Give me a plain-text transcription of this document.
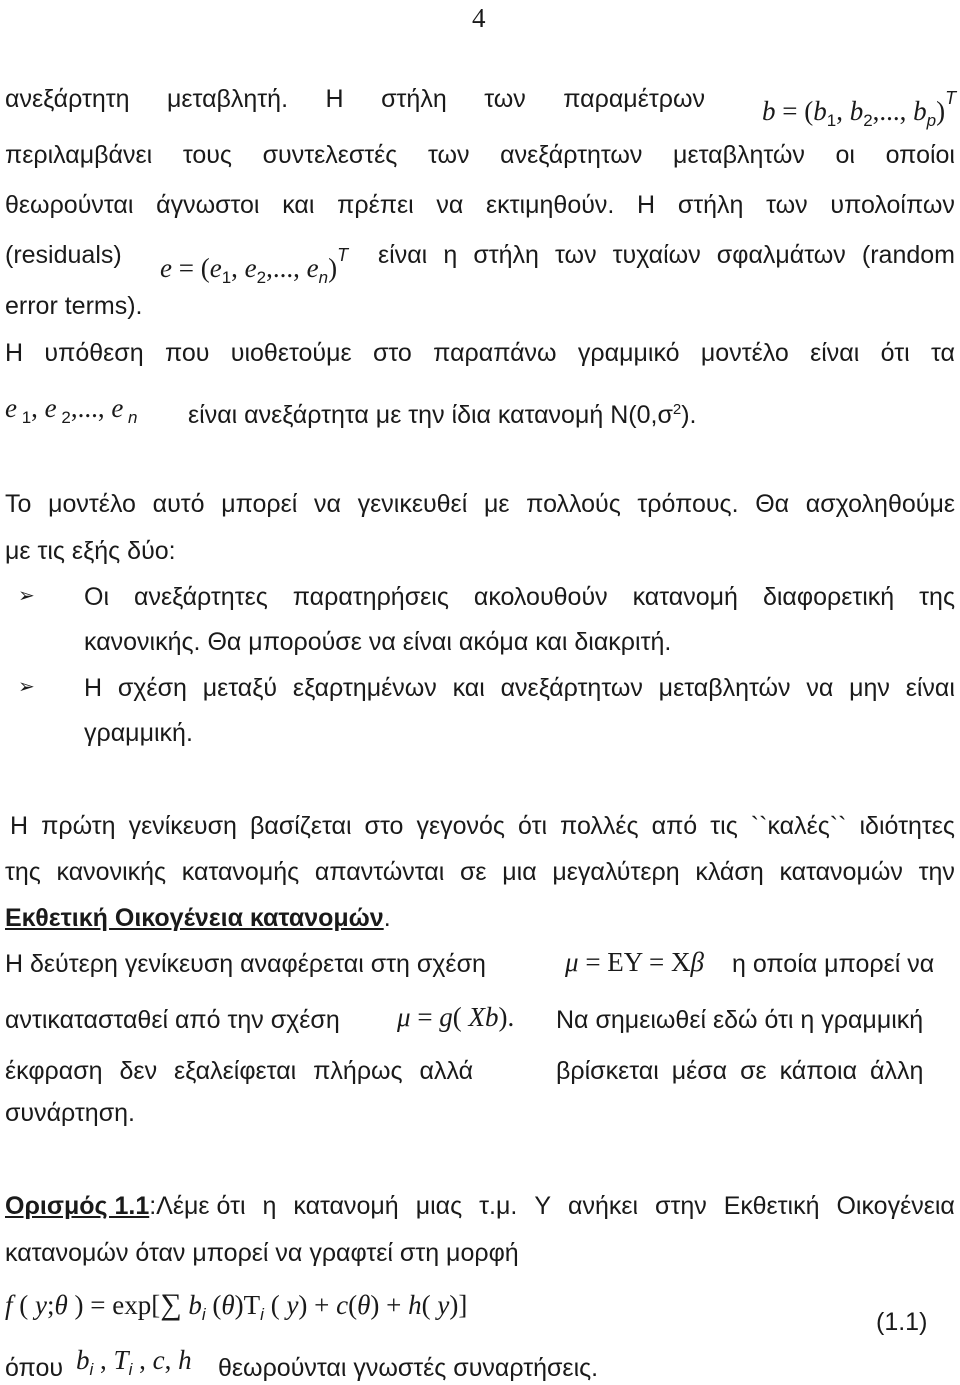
4
ανεξάρτητη μεταβλητή. Η στήλη των παραμέτρων $b = (b_1$, $b_2$,..., $b_p)^T$
περιλαμβάνει τους συντελεστές των ανεξάρτητων μεταβλητών οι οποίοι
θεωρούνται άγνωστοι και πρέπει να εκτιμηθούν. Η στήλη των υπολοίπων
(residuals) $e = (e_1$, $e_2$,..., $e_n)^T$ είναι η στήλη των τυχαίων σφαλμάτων (random
error terms).
Η υπόθεση που υιοθετούμε στο παραπάνω γραμμικό μοντέλο είναι ότι τα
e $_1$, e $_2$,..., e $_n$ είναι ανεξάρτητα με την ίδια κατανομή $N(0,\sigma^2)$.
Το μοντέλο αυτό μπορεί να γενικευθεί με πολλούς τρόπους. Θα ασχοληθούμε
με τις εξής δύο:
➢ Οι ανεξάρτητες παρατηρήσεις ακολουθούν κατανομή διαφορετική της
κανονικής. Θα μπορούσε να είναι ακόμα και διακριτή.
➢ Η σχέση μεταξύ εξαρτημένων και ανεξάρτητων μεταβλητών να μην είναι
γραμμική.
Η πρώτη γενίκευση βασίζεται στο γεγονός ότι πολλές από τις ``καλές`` ιδιότητες
της κανονικής κατανομής απαντώνται σε μια μεγαλύτερη κλάση κατανομών την
Εκθετική Οικογένεια κατανομών.
Η δεύτερη γενίκευση αναφέρεται στη σχέση	μ = EY = Xβ η οποία μπορεί να
αντικατασταθεί από την σχέση μ = g( Xb). Να σημειωθεί εδώ ότι η γραμμική
έκφραση δεν εξαλείφεται πλήρως αλλά	βρίσκεται μέσα σε κάποια άλλη
συνάρτηση.
Ορισμός 1.1:Λέμε ότι η κατανομή μιας τ.μ. Υ ανήκει στην Εκθετική Οικογένεια
κατανομών όταν μπορεί να γραφτεί στη μορφή
f ( y;θ ) = exp[∑ $b_i$ $(\theta)T_i$ ( y) + c(θ) + h( y)]
(1.1)
όπου $b_i$ , $T_i$ , c, h θεωρούνται γνωστές συναρτήσεις.
